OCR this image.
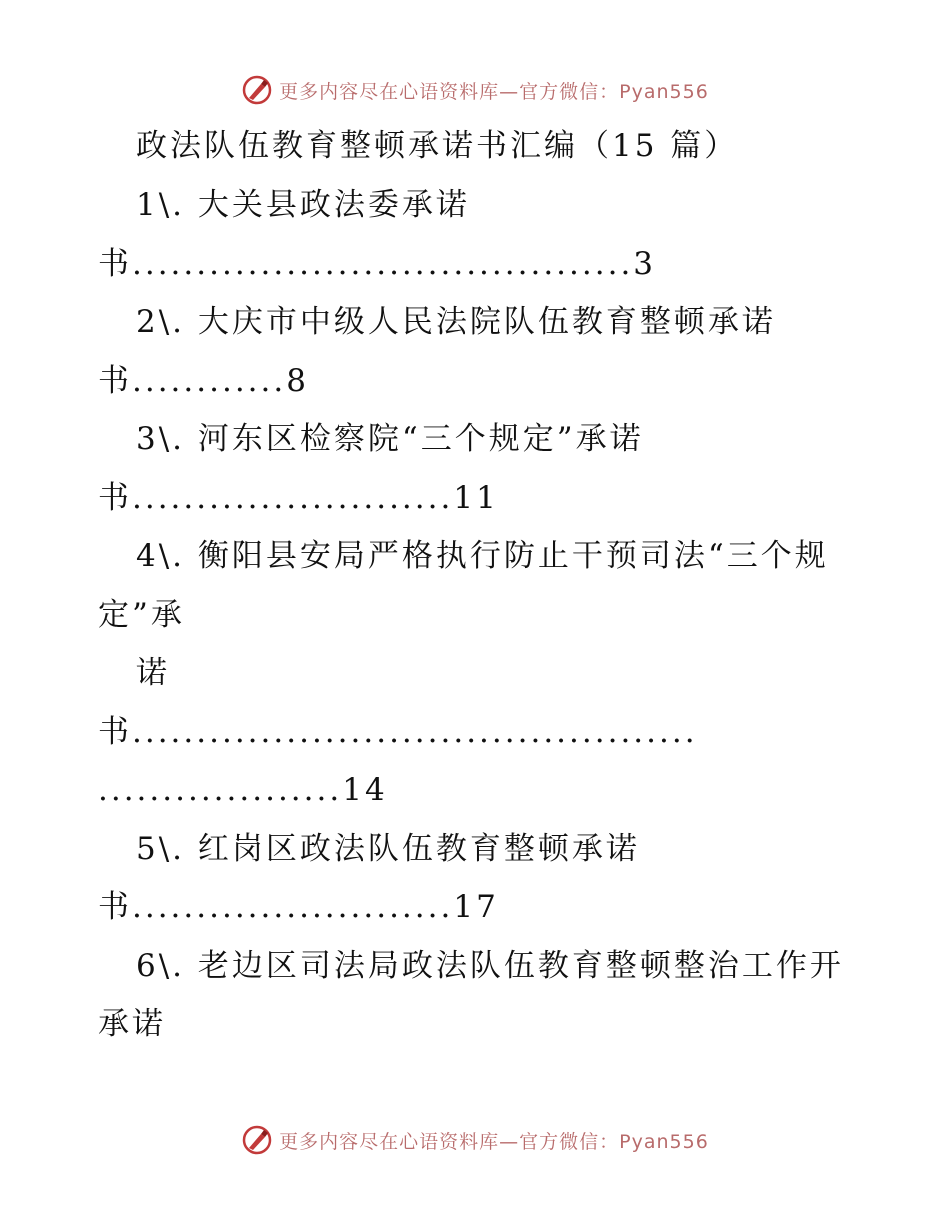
更多内容尽在心语资料库—官方微信：Pyan556
政法队伍教育整顿承诺书汇编（15 篇）
1\. 大关县政法委承诺
书.......................................3
2\. 大庆市中级人民法院队伍教育整顿承诺
书............8
3\. 河东区检察院“三个规定”承诺
书.........................11
4\. 衡阳县安局严格执行防止干预司法“三个规
定”承
诺
书............................................
...................14
5\. 红岗区政法队伍教育整顿承诺
书.........................17
6\. 老边区司法局政法队伍教育整顿整治工作开
承诺
更多内容尽在心语资料库—官方微信：Pyan556
